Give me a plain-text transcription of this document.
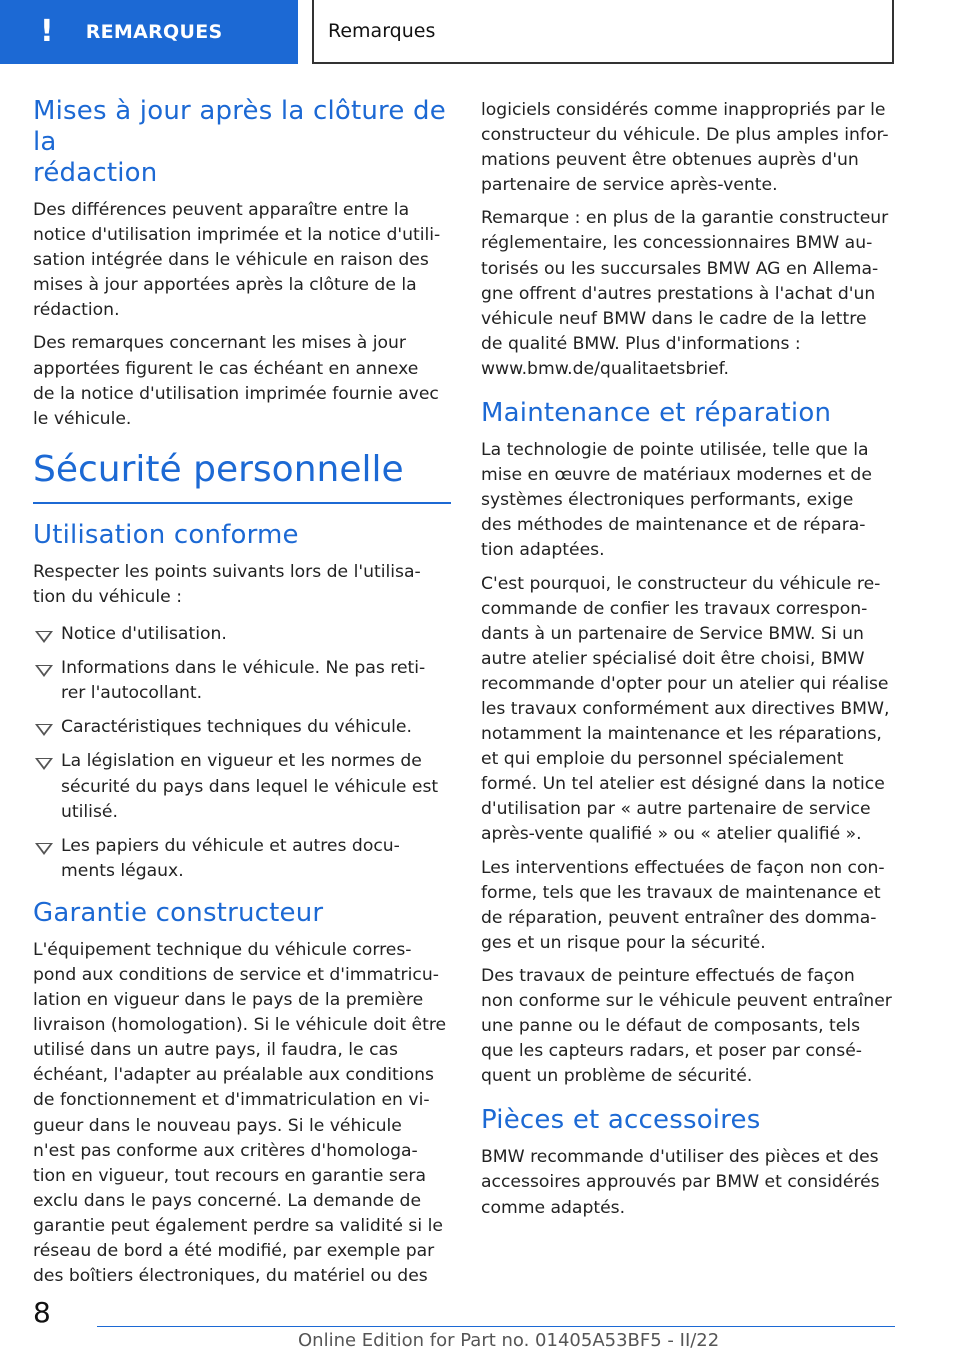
! REMARQUES	Remarques
Mises à jour après la clôture de la
rédaction

Des différences peuvent apparaître entre la
notice d'utilisation imprimée et la notice d'utili-
sation intégrée dans le véhicule en raison des
mises à jour apportées après la clôture de la
rédaction.

Des remarques concernant les mises à jour
apportées figurent le cas échéant en annexe
de la notice d'utilisation imprimée fournie avec
le véhicule.

Sécurité personnelle
Utilisation conforme

Respecter les points suivants lors de l'utilisa-
tion du véhicule :

Notice d'utilisation.
Informations dans le véhicule. Ne pas reti-
rer l'autocollant.
Caractéristiques techniques du véhicule.
La législation en vigueur et les normes de
sécurité du pays dans lequel le véhicule est
utilisé.
Les papiers du véhicule et autres docu-
ments légaux.
Garantie constructeur

L'équipement technique du véhicule corres-
pond aux conditions de service et d'immatricu-
lation en vigueur dans le pays de la première
livraison (homologation). Si le véhicule doit être
utilisé dans un autre pays, il faudra, le cas
échéant, l'adapter au préalable aux conditions
de fonctionnement et d'immatriculation en vi-
gueur dans le nouveau pays. Si le véhicule
n'est pas conforme aux critères d'homologa-
tion en vigueur, tout recours en garantie sera
exclu dans le pays concerné. La demande de
garantie peut également perdre sa validité si le
réseau de bord a été modifié, par exemple par
des boîtiers électroniques, du matériel ou des

logiciels considérés comme inappropriés par le
constructeur du véhicule. De plus amples infor-
mations peuvent être obtenues auprès d'un
partenaire de service après-vente.

Remarque : en plus de la garantie constructeur
réglementaire, les concessionnaires BMW au-
torisés ou les succursales BMW AG en Allema-
gne offrent d'autres prestations à l'achat d'un
véhicule neuf BMW dans le cadre de la lettre
de qualité BMW. Plus d'informations :
www.bmw.de/qualitaetsbrief.

Maintenance et réparation

La technologie de pointe utilisée, telle que la
mise en œuvre de matériaux modernes et de
systèmes électroniques performants, exige
des méthodes de maintenance et de répara-
tion adaptées.

C'est pourquoi, le constructeur du véhicule re-
commande de confier les travaux correspon-
dants à un partenaire de Service BMW. Si un
autre atelier spécialisé doit être choisi, BMW
recommande d'opter pour un atelier qui réalise
les travaux conformément aux directives BMW,
notamment la maintenance et les réparations,
et qui emploie du personnel spécialement
formé. Un tel atelier est désigné dans la notice
d'utilisation par « autre partenaire de service
après-vente qualifié » ou « atelier qualifié ».

Les interventions effectuées de façon non con-
forme, tels que les travaux de maintenance et
de réparation, peuvent entraîner des domma-
ges et un risque pour la sécurité.

Des travaux de peinture effectués de façon
non conforme sur le véhicule peuvent entraîner
une panne ou le défaut de composants, tels
que les capteurs radars, et poser par consé-
quent un problème de sécurité.

Pièces et accessoires

BMW recommande d'utiliser des pièces et des
accessoires approuvés par BMW et considérés
comme adaptés.

8
Online Edition for Part no. 01405A53BF5 - II/22
